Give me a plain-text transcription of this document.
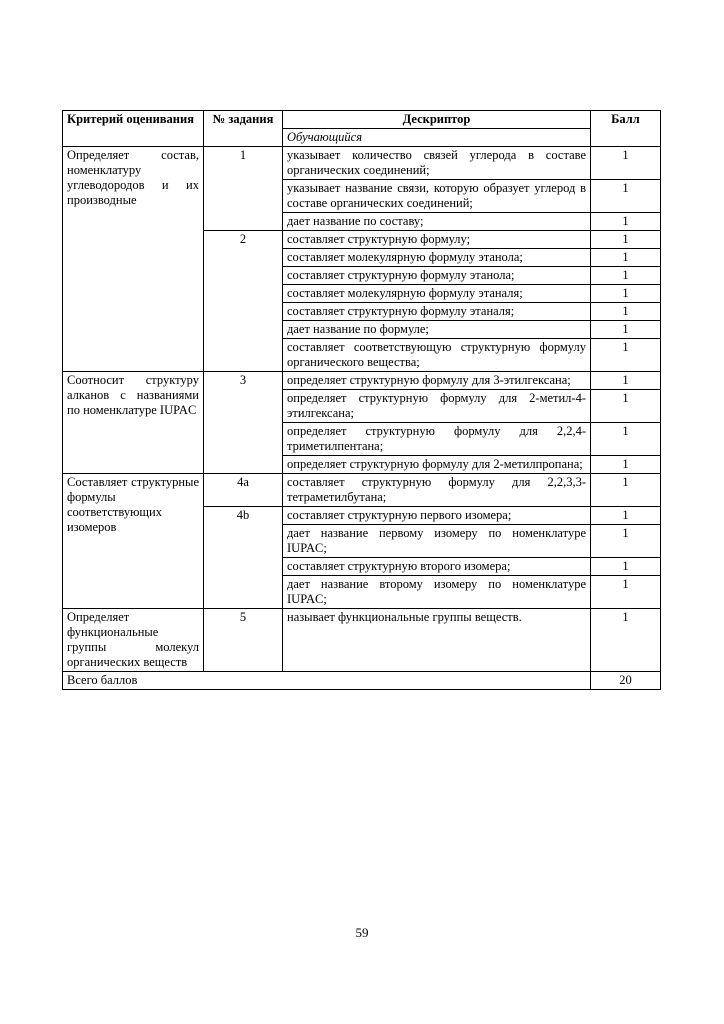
Критерий оценивания	№ задания	Дескриптор	Балл
		Обучающийся	
Определяет состав, номенклатуру углеводородов и их производные	1	указывает количество связей углерода в составе органических соединений;	1
		указывает название связи, которую образует углерод в составе органических соединений;	1
		дает название по составу;	1
	2	составляет структурную формулу;	1
		составляет молекулярную формулу этанола;	1
		составляет структурную формулу этанола;	1
		составляет молекулярную формулу этаналя;	1
		составляет структурную формулу этаналя;	1
		дает название по формуле;	1
		составляет соответствующую структурную формулу органического вещества;	1
Соотносит структуру алканов с названиями по номенклатуре IUPAC	3	определяет структурную формулу для 3-этилгексана;	1
		определяет структурную формулу для 2-метил-4-этилгексана;	1
		определяет структурную формулу для 2,2,4-триметилпентана;	1
		определяет структурную формулу для 2-метилпропана;	1
Составляет структурные формулы соответствующих изомеров	4a	составляет структурную формулу для 2,2,3,3-тетраметилбутана;	1
	4b	составляет структурную первого изомера;	1
		дает название первому изомеру по номенклатуре IUPAC;	1
		составляет структурную второго изомера;	1
		дает название второму изомеру по номенклатуре IUPAC;	1
Определяет функциональные группы молекул органических веществ	5	называет функциональные группы веществ.	1
Всего баллов			20
59
